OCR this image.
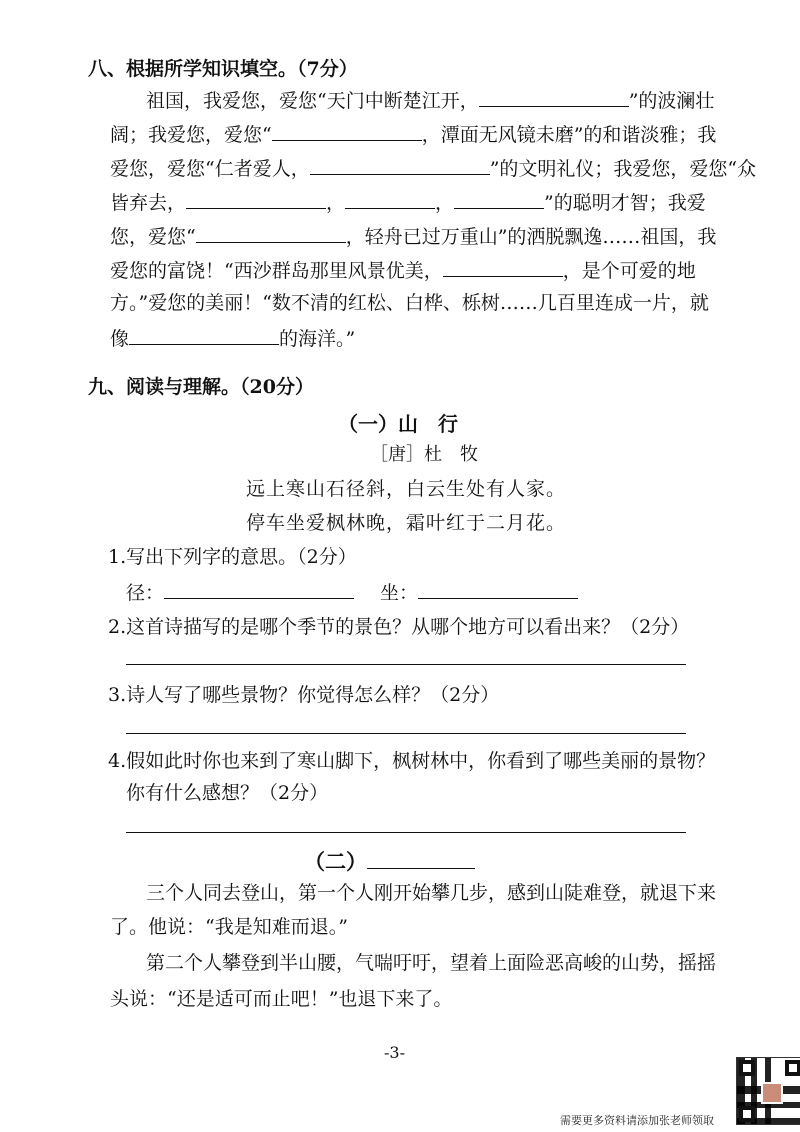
八、根据所学知识填空。（7分）
祖国，我爱您，爱您“天门中断楚江开，	”的波澜壮
阔；我爱您，爱您“	，潭面无风镜未磨”的和谐淡雅；我
爱您，爱您“仁者爱人，	”的文明礼仪；我爱您，爱您“众
皆弃去，	，	，	”的聪明才智；我爱
您，爱您“	，轻舟已过万重山”的洒脱飘逸……祖国，我
爱您的富饶！“西沙群岛那里风景优美，	，是个可爱的地
方。”爱您的美丽！“数不清的红松、白桦、栎树……几百里连成一片，就
像	的海洋。”
九、阅读与理解。（20分）
（一）山　行
［唐］杜　牧
远上寒山石径斜，白云生处有人家。
停车坐爱枫林晚，霜叶红于二月花。
1.写出下列字的意思。（2分）
径：	坐：
2.这首诗描写的是哪个季节的景色？从哪个地方可以看出来？（2分）
3.诗人写了哪些景物？你觉得怎么样？（2分）
4.假如此时你也来到了寒山脚下，枫树林中，你看到了哪些美丽的景物？
你有什么感想？（2分）
（二）
三个人同去登山，第一个人刚开始攀几步，感到山陡难登，就退下来
了。他说：“我是知难而退。”
第二个人攀登到半山腰，气喘吁吁，望着上面险恶高峻的山势，摇摇
头说：“还是适可而止吧！”也退下来了。
-3-
需要更多资料请添加张老师领取
